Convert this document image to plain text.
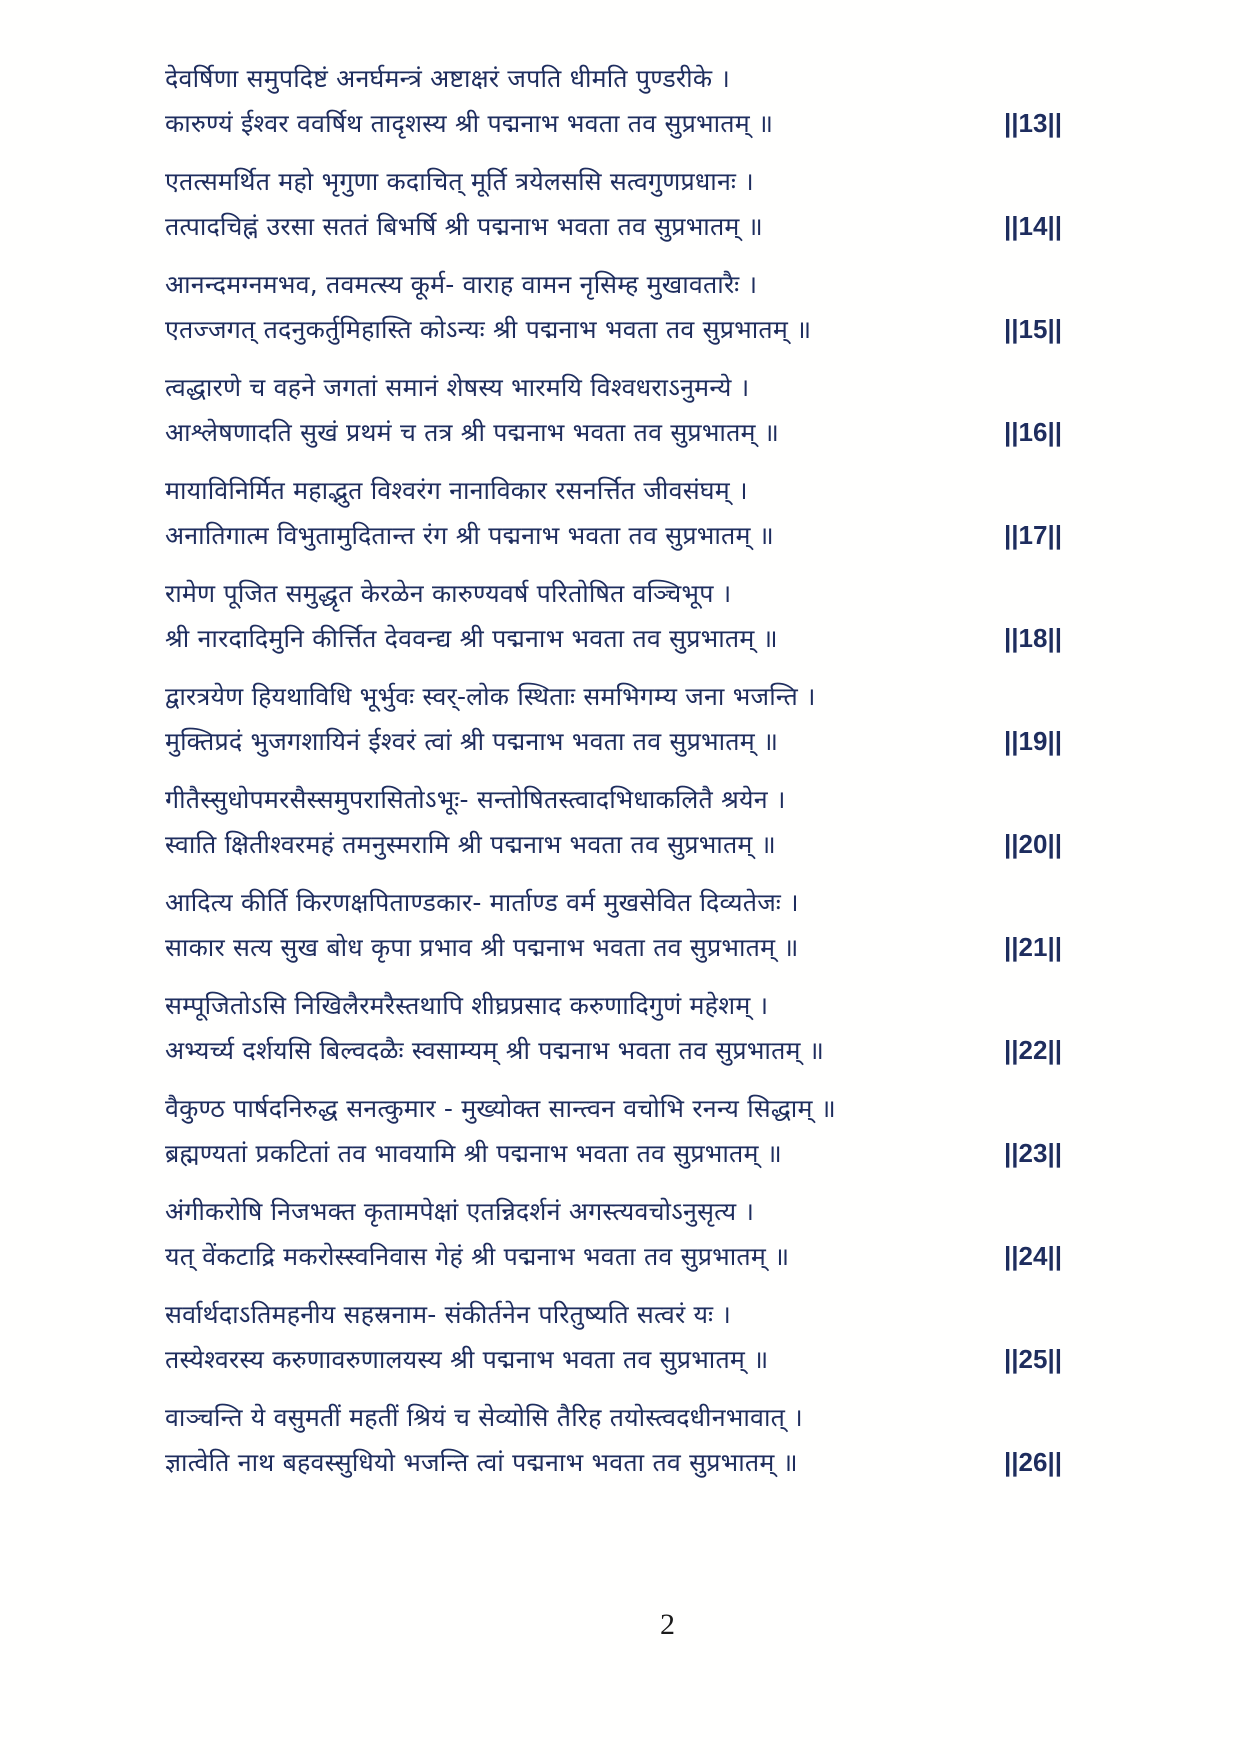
देवर्षिणा समुपदिष्टं अनर्घमन्त्रं अष्टाक्षरं जपति धीमति पुण्डरीके ।
कारुण्यं ईश्वर ववर्षिथ तादृशस्य श्री पद्मनाभ भवता तव सुप्रभातम् ॥	||13||
एतत्समर्थित महो भृगुणा कदाचित् मूर्ति त्रयेलससि सत्वगुणप्रधानः ।
तत्पादचिह्नं उरसा सततं बिभर्षि श्री पद्मनाभ भवता तव सुप्रभातम् ॥	||14||
आनन्दमग्नमभव, तवमत्स्य कूर्म- वाराह वामन नृसिम्ह मुखावतारैः ।
एतज्जगत् तदनुकर्तुमिहास्ति कोऽन्यः श्री पद्मनाभ भवता तव सुप्रभातम् ॥	||15||
त्वद्धारणे च वहने जगतां समानं शेषस्य भारमयि विश्वधराऽनुमन्ये ।
आश्लेषणादति सुखं प्रथमं च तत्र श्री पद्मनाभ भवता तव सुप्रभातम् ॥	||16||
मायाविनिर्मित महाद्भुत विश्वरंग नानाविकार रसनर्त्तित जीवसंघम् ।
अनातिगात्म विभुतामुदितान्त रंग श्री पद्मनाभ भवता तव सुप्रभातम् ॥	||17||
रामेण पूजित समुद्धृत केरळेन कारुण्यवर्ष परितोषित वञ्चिभूप ।
श्री नारदादिमुनि कीर्त्तित देववन्द्य श्री पद्मनाभ भवता तव सुप्रभातम् ॥	||18||
द्वारत्रयेण हियथाविधि भूर्भुवः स्वर्-लोक स्थिताः समभिगम्य जना भजन्ति ।
मुक्तिप्रदं भुजगशायिनं ईश्वरं त्वां श्री पद्मनाभ भवता तव सुप्रभातम् ॥	||19||
गीतैस्सुधोपमरसैस्समुपरासितोऽभूः- सन्तोषितस्त्वादभिधाकलितै श्रयेन ।
स्वाति क्षितीश्वरमहं तमनुस्मरामि श्री पद्मनाभ भवता तव सुप्रभातम् ॥	||20||
आदित्य कीर्ति किरणक्षपिताण्डकार- मार्ताण्ड वर्म मुखसेवित दिव्यतेजः ।
साकार सत्य सुख बोध कृपा प्रभाव श्री पद्मनाभ भवता तव सुप्रभातम् ॥	||21||
सम्पूजितोऽसि निखिलैरमरैस्तथापि शीघ्रप्रसाद करुणादिगुणं महेशम् ।
अभ्यर्च्य दर्शयसि बिल्वदळैः स्वसाम्यम् श्री पद्मनाभ भवता तव सुप्रभातम् ॥	||22||
वैकुण्ठ पार्षदनिरुद्ध सनत्कुमार - मुख्योक्त सान्त्वन वचोभि रनन्य सिद्धाम् ॥
ब्रह्मण्यतां प्रकटितां तव भावयामि श्री पद्मनाभ भवता तव सुप्रभातम् ॥	||23||
अंगीकरोषि निजभक्त कृतामपेक्षां एतन्निदर्शनं अगस्त्यवचोऽनुसृत्य ।
यत् वेंकटाद्रि मकरोस्स्वनिवास गेहं श्री पद्मनाभ भवता तव सुप्रभातम् ॥	||24||
सर्वार्थदाऽतिमहनीय सहस्रनाम- संकीर्तनेन परितुष्यति सत्वरं यः ।
तस्येश्वरस्य करुणावरुणालयस्य श्री पद्मनाभ भवता तव सुप्रभातम् ॥	||25||
वाञ्चन्ति ये वसुमतीं महतीं श्रियं च सेव्योसि तैरिह तयोस्त्वदधीनभावात् ।
ज्ञात्वेति नाथ बहवस्सुधियो भजन्ति त्वां पद्मनाभ भवता तव सुप्रभातम् ॥	||26||
2
